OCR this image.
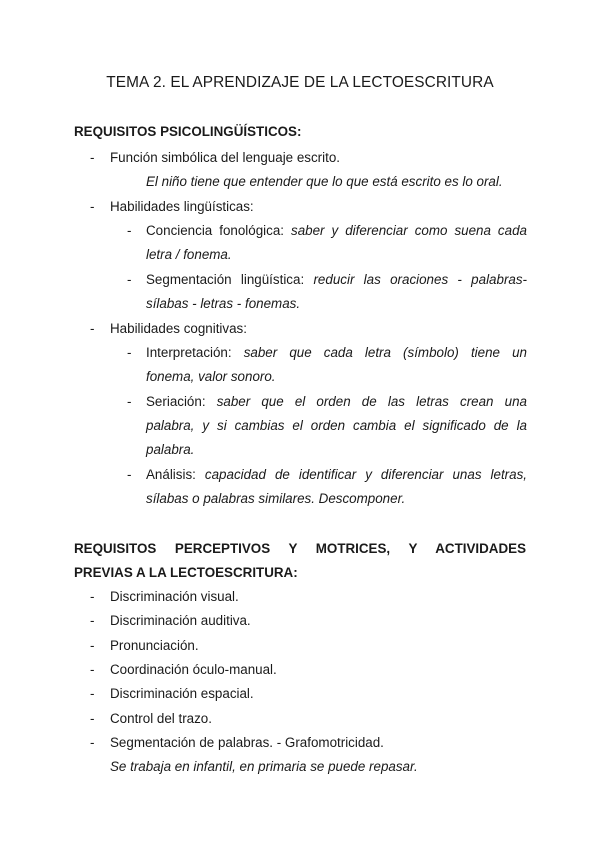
TEMA 2. EL APRENDIZAJE DE LA LECTOESCRITURA
REQUISITOS PSICOLINGÜÍSTICOS:
- Función simbólica del lenguaje escrito.
El niño tiene que entender que lo que está escrito es lo oral.
- Habilidades lingüísticas:
- Conciencia fonológica: saber y diferenciar como suena cada
letra / fonema.
- Segmentación lingüística: reducir las oraciones - palabras-
sílabas - letras - fonemas.
- Habilidades cognitivas:
- Interpretación: saber que cada letra (símbolo) tiene un
fonema, valor sonoro.
- Seriación: saber que el orden de las letras crean una
palabra, y si cambias el orden cambia el significado de la
palabra.
- Análisis: capacidad de identificar y diferenciar unas letras,
sílabas o palabras similares. Descomponer.
REQUISITOS PERCEPTIVOS Y MOTRICES, Y ACTIVIDADES
PREVIAS A LA LECTOESCRITURA:
- Discriminación visual.
- Discriminación auditiva.
- Pronunciación.
- Coordinación óculo-manual.
- Discriminación espacial.
- Control del trazo.
- Segmentación de palabras. - Grafomotricidad.
Se trabaja en infantil, en primaria se puede repasar.
